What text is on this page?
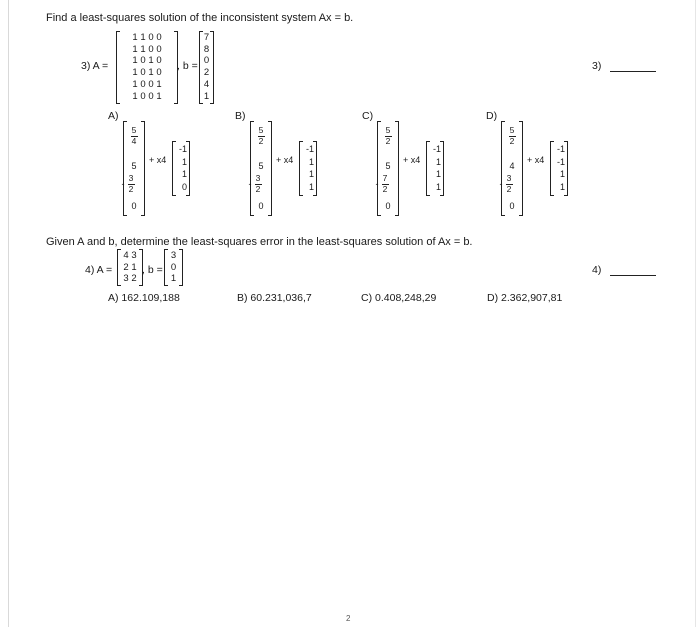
Find a least-squares solution of the inconsistent system Ax = b.
3) A =
1 1 0 0
1 1 0 0
1 0 1 0
1 0 1 0
1 0 0 1
1 0 0 1
, b =
7
8
0
2
4
1
3)
A)
$\frac{5}{4}$
5
- $\frac{3}{2}$
0
+ x4
-1
1
1
0
B)
$\frac{5}{2}$
5
- $\frac{3}{2}$
0
+ x4
-1
1
1
1
C)
$\frac{5}{2}$
5
- $\frac{7}{2}$
0
+ x4
-1
1
1
1
D)
$\frac{5}{2}$
4
- $\frac{3}{2}$
0
+ x4
-1
-1
1
1
Given A and b, determine the least-squares error in the least-squares solution of Ax = b.
4) A =
4 3
2 1
3 2
, b =
3
0
1
4)
A) 162.109,188	B) 60.231,036,7	C) 0.408,248,29	D) 2.362,907,81
2
